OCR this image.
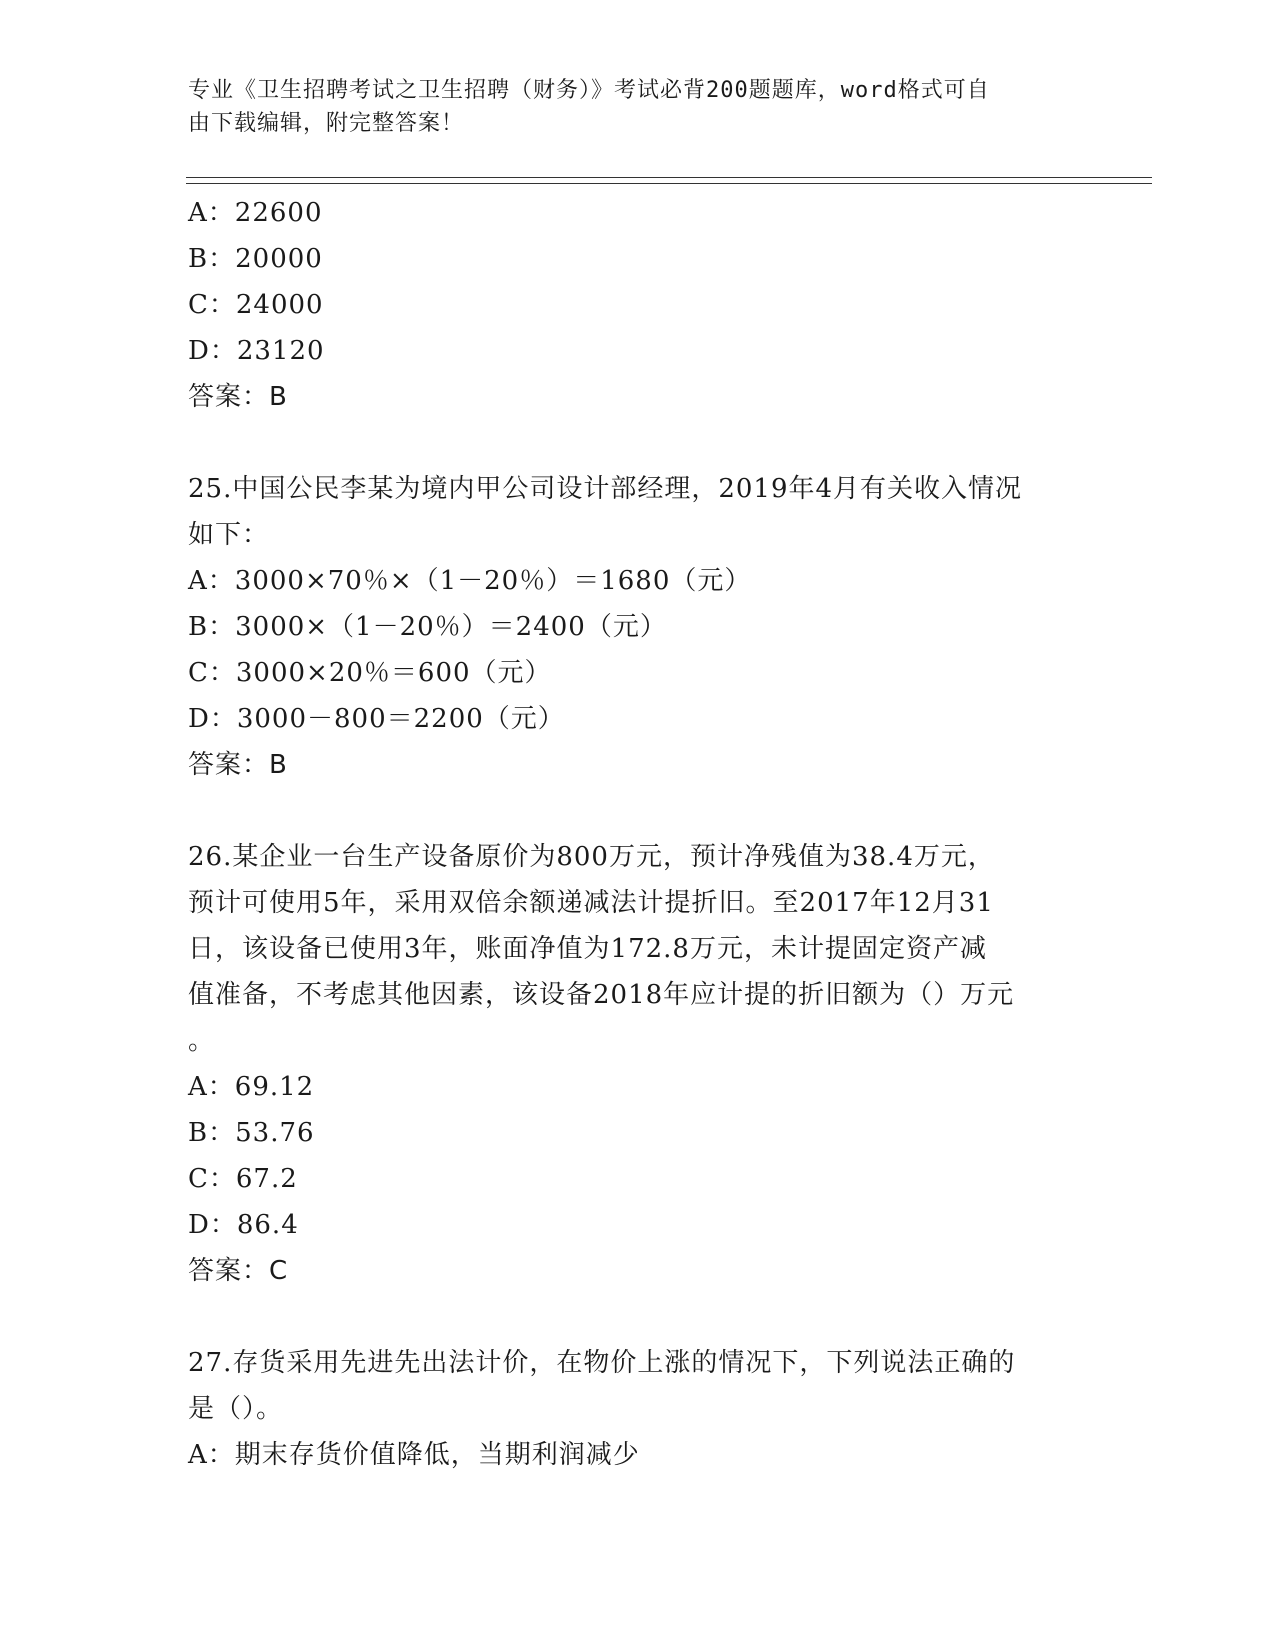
专业《卫生招聘考试之卫生招聘（财务）》考试必背200题题库，word格式可自
由下载编辑，附完整答案！
A：22600
B：20000
C：24000
D：23120
答案：B
25.中国公民李某为境内甲公司设计部经理，2019年4月有关收入情况
如下：
A：3000×70％×（1－20％）＝1680（元）
B：3000×（1－20％）＝2400（元）
C：3000×20％＝600（元）
D：3000－800＝2200（元）
答案：B
26.某企业一台生产设备原价为800万元，预计净残值为38.4万元，
预计可使用5年，采用双倍余额递减法计提折旧。至2017年12月31
日，该设备已使用3年，账面净值为172.8万元，未计提固定资产减
值准备，不考虑其他因素，该设备2018年应计提的折旧额为（）万元
。
A：69.12
B：53.76
C：67.2
D：86.4
答案：C
27.存货采用先进先出法计价，在物价上涨的情况下，下列说法正确的
是（）。
A：期末存货价值降低，当期利润减少
